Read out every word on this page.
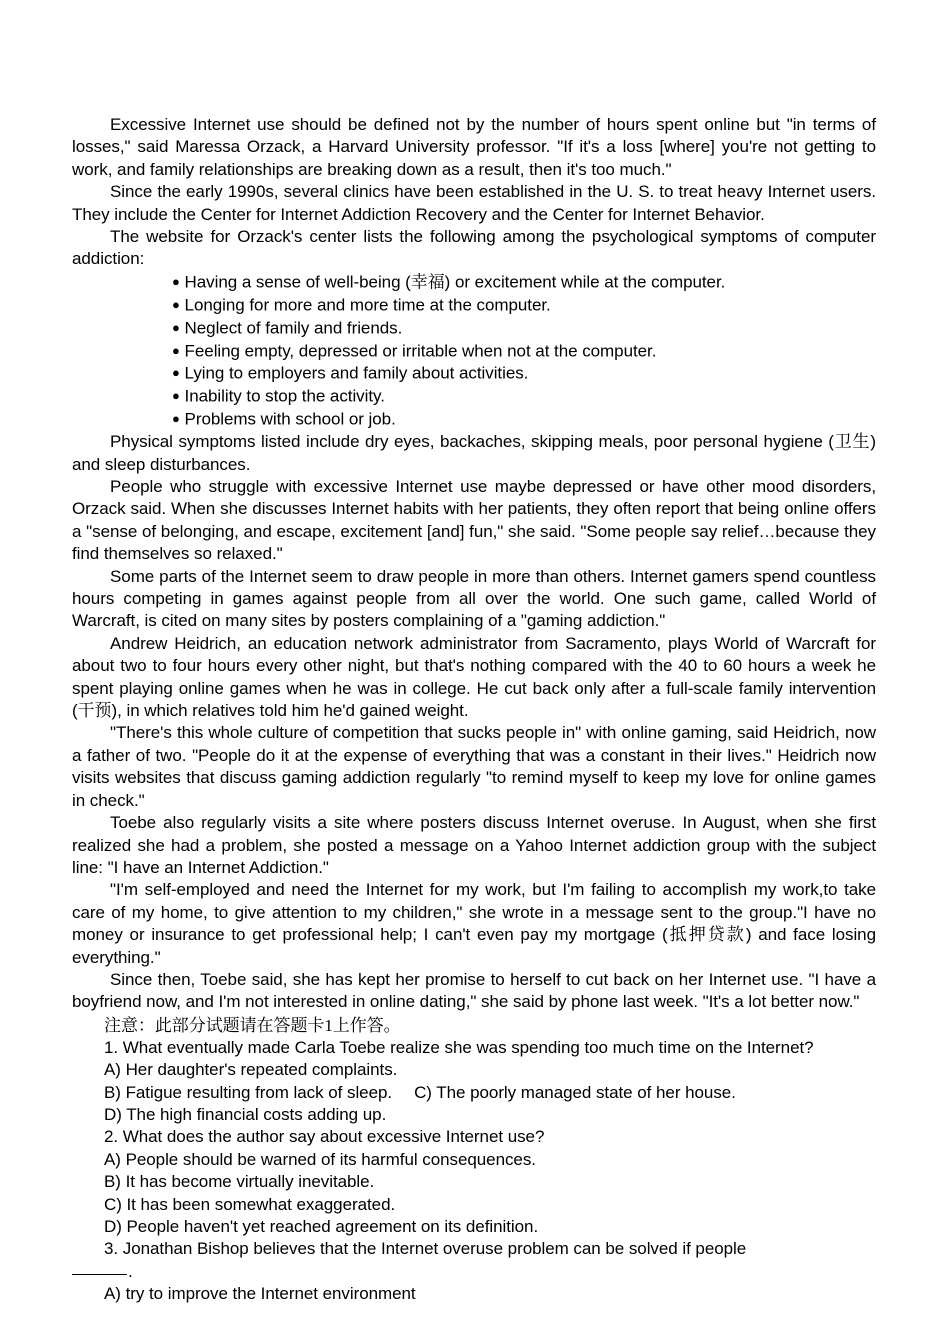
Excessive Internet use should be defined not by the number of hours spent online but "in terms of losses," said Maressa Orzack, a Harvard University professor. "If it's a loss [where] you're not getting to work, and family relationships are breaking down as a result, then it's too much."

Since the early 1990s, several clinics have been established in the U. S. to treat heavy Internet users. They include the Center for Internet Addiction Recovery and the Center for Internet Behavior.

The website for Orzack's center lists the following among the psychological symptoms of computer addiction:

● Having a sense of well-being (幸福) or excitement while at the computer.
● Longing for more and more time at the computer.
● Neglect of family and friends.
● Feeling empty, depressed or irritable when not at the computer.
● Lying to employers and family about activities.
● Inability to stop the activity.
● Problems with school or job.

Physical symptoms listed include dry eyes, backaches, skipping meals, poor personal hygiene (卫生) and sleep disturbances.

People who struggle with excessive Internet use maybe depressed or have other mood disorders, Orzack said. When she discusses Internet habits with her patients, they often report that being online offers a "sense of belonging, and escape, excitement [and] fun," she said. "Some people say relief…because they find themselves so relaxed."

Some parts of the Internet seem to draw people in more than others. Internet gamers spend countless hours competing in games against people from all over the world. One such game, called World of Warcraft, is cited on many sites by posters complaining of a "gaming addiction."

Andrew Heidrich, an education network administrator from Sacramento, plays World of Warcraft for about two to four hours every other night, but that's nothing compared with the 40 to 60 hours a week he spent playing online games when he was in college. He cut back only after a full-scale family intervention (干预), in which relatives told him he'd gained weight.

"There's this whole culture of competition that sucks people in" with online gaming, said Heidrich, now a father of two. "People do it at the expense of everything that was a constant in their lives." Heidrich now visits websites that discuss gaming addiction regularly "to remind myself to keep my love for online games in check."

Toebe also regularly visits a site where posters discuss Internet overuse. In August, when she first realized she had a problem, she posted a message on a Yahoo Internet addiction group with the subject line: "I have an Internet Addiction."

"I'm self-employed and need the Internet for my work, but I'm failing to accomplish my work,to take care of my home, to give attention to my children," she wrote in a message sent to the group."I have no money or insurance to get professional help; I can't even pay my mortgage (抵押贷款) and face losing everything."

Since then, Toebe said, she has kept her promise to herself to cut back on her Internet use. "I have a boyfriend now, and I'm not interested in online dating," she said by phone last week. "It's a lot better now."

注意：此部分试题请在答题卡1上作答。

1. What eventually made Carla Toebe realize she was spending too much time on the Internet?

A) Her daughter's repeated complaints.

B) Fatigue resulting from lack of sleep. C) The poorly managed state of her house.

D) The high financial costs adding up.

2. What does the author say about excessive Internet use?

A) People should be warned of its harmful consequences.

B) It has become virtually inevitable.

C) It has been somewhat exaggerated.

D) People haven't yet reached agreement on its definition.

3. Jonathan Bishop believes that the Internet overuse problem can be solved if people

.

A) try to improve the Internet environment
